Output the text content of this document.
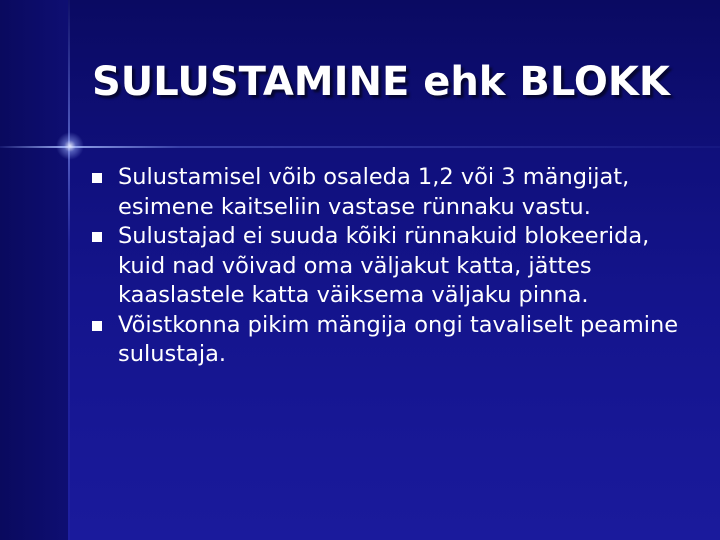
SULUSTAMINE ehk BLOKK
Sulustamisel võib osaleda 1,2 või 3 mängijat, esimene kaitseliin vastase rünnaku vastu.
Sulustajad ei suuda kõiki rünnakuid blokeerida, kuid nad võivad oma väljakut katta, jättes kaaslastele katta väiksema väljaku pinna.
Võistkonna pikim mängija ongi tavaliselt peamine sulustaja.
